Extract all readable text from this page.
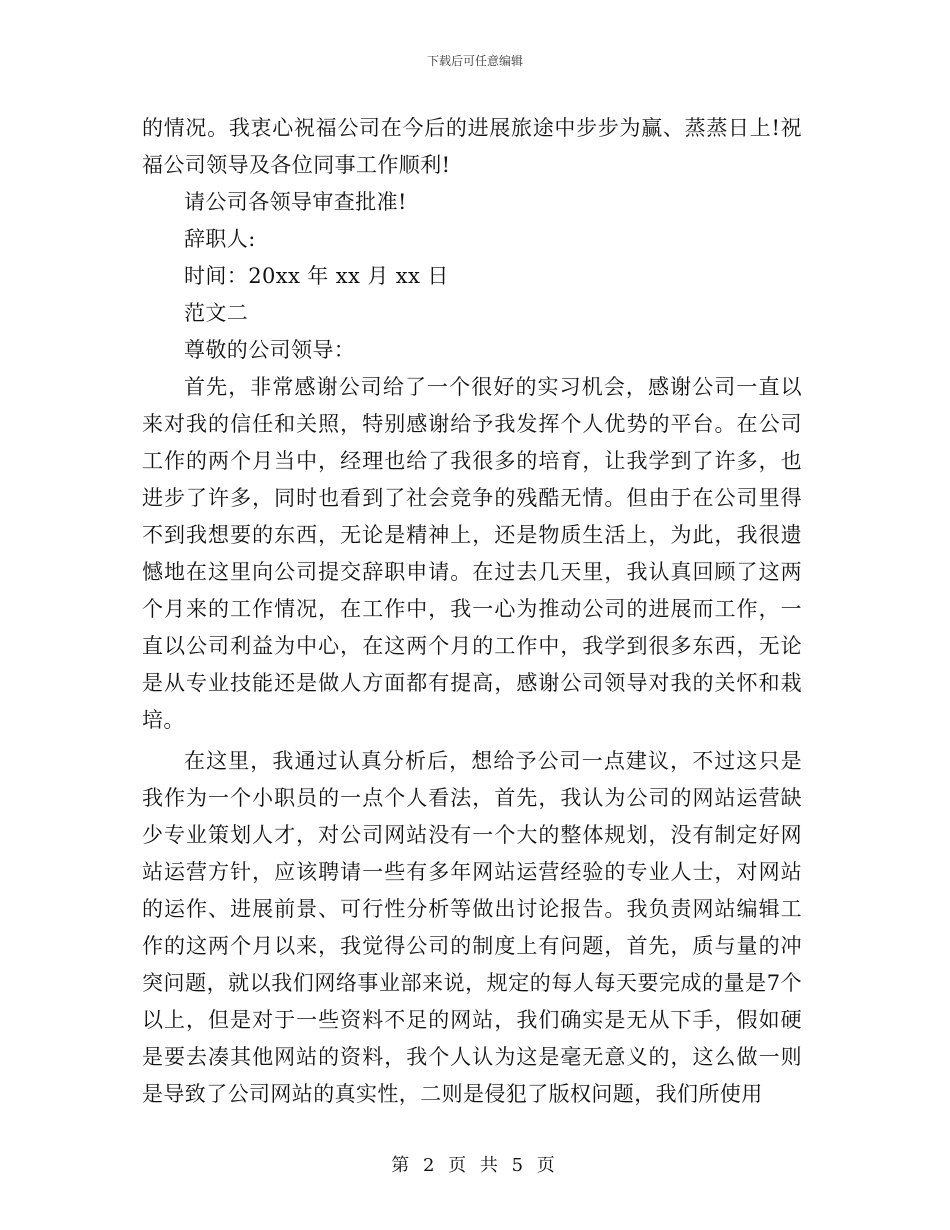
下载后可任意编辑

的情况。我衷心祝福公司在今后的进展旅途中步步为赢、蒸蒸日上!祝福公司领导及各位同事工作顺利!

请公司各领导审查批准!

辞职人:

时间：20xx 年 xx 月 xx 日

范文二

尊敬的公司领导：

首先，非常感谢公司给了一个很好的实习机会，感谢公司一直以来对我的信任和关照，特别感谢给予我发挥个人优势的平台。在公司工作的两个月当中，经理也给了我很多的培育，让我学到了许多，也进步了许多，同时也看到了社会竞争的残酷无情。但由于在公司里得不到我想要的东西，无论是精神上，还是物质生活上，为此，我很遗憾地在这里向公司提交辞职申请。在过去几天里，我认真回顾了这两个月来的工作情况，在工作中，我一心为推动公司的进展而工作，一直以公司利益为中心，在这两个月的工作中，我学到很多东西，无论是从专业技能还是做人方面都有提高，感谢公司领导对我的关怀和栽培。

在这里，我通过认真分析后，想给予公司一点建议，不过这只是我作为一个小职员的一点个人看法，首先，我认为公司的网站运营缺少专业策划人才，对公司网站没有一个大的整体规划，没有制定好网站运营方针，应该聘请一些有多年网站运营经验的专业人士，对网站的运作、进展前景、可行性分析等做出讨论报告。我负责网站编辑工作的这两个月以来，我觉得公司的制度上有问题，首先，质与量的冲突问题，就以我们网络事业部来说，规定的每人每天要完成的量是7个以上，但是对于一些资料不足的网站，我们确实是无从下手，假如硬是要去凑其他网站的资料，我个人认为这是毫无意义的，这么做一则是导致了公司网站的真实性，二则是侵犯了版权问题，我们所使用

第 2 页 共 5 页
